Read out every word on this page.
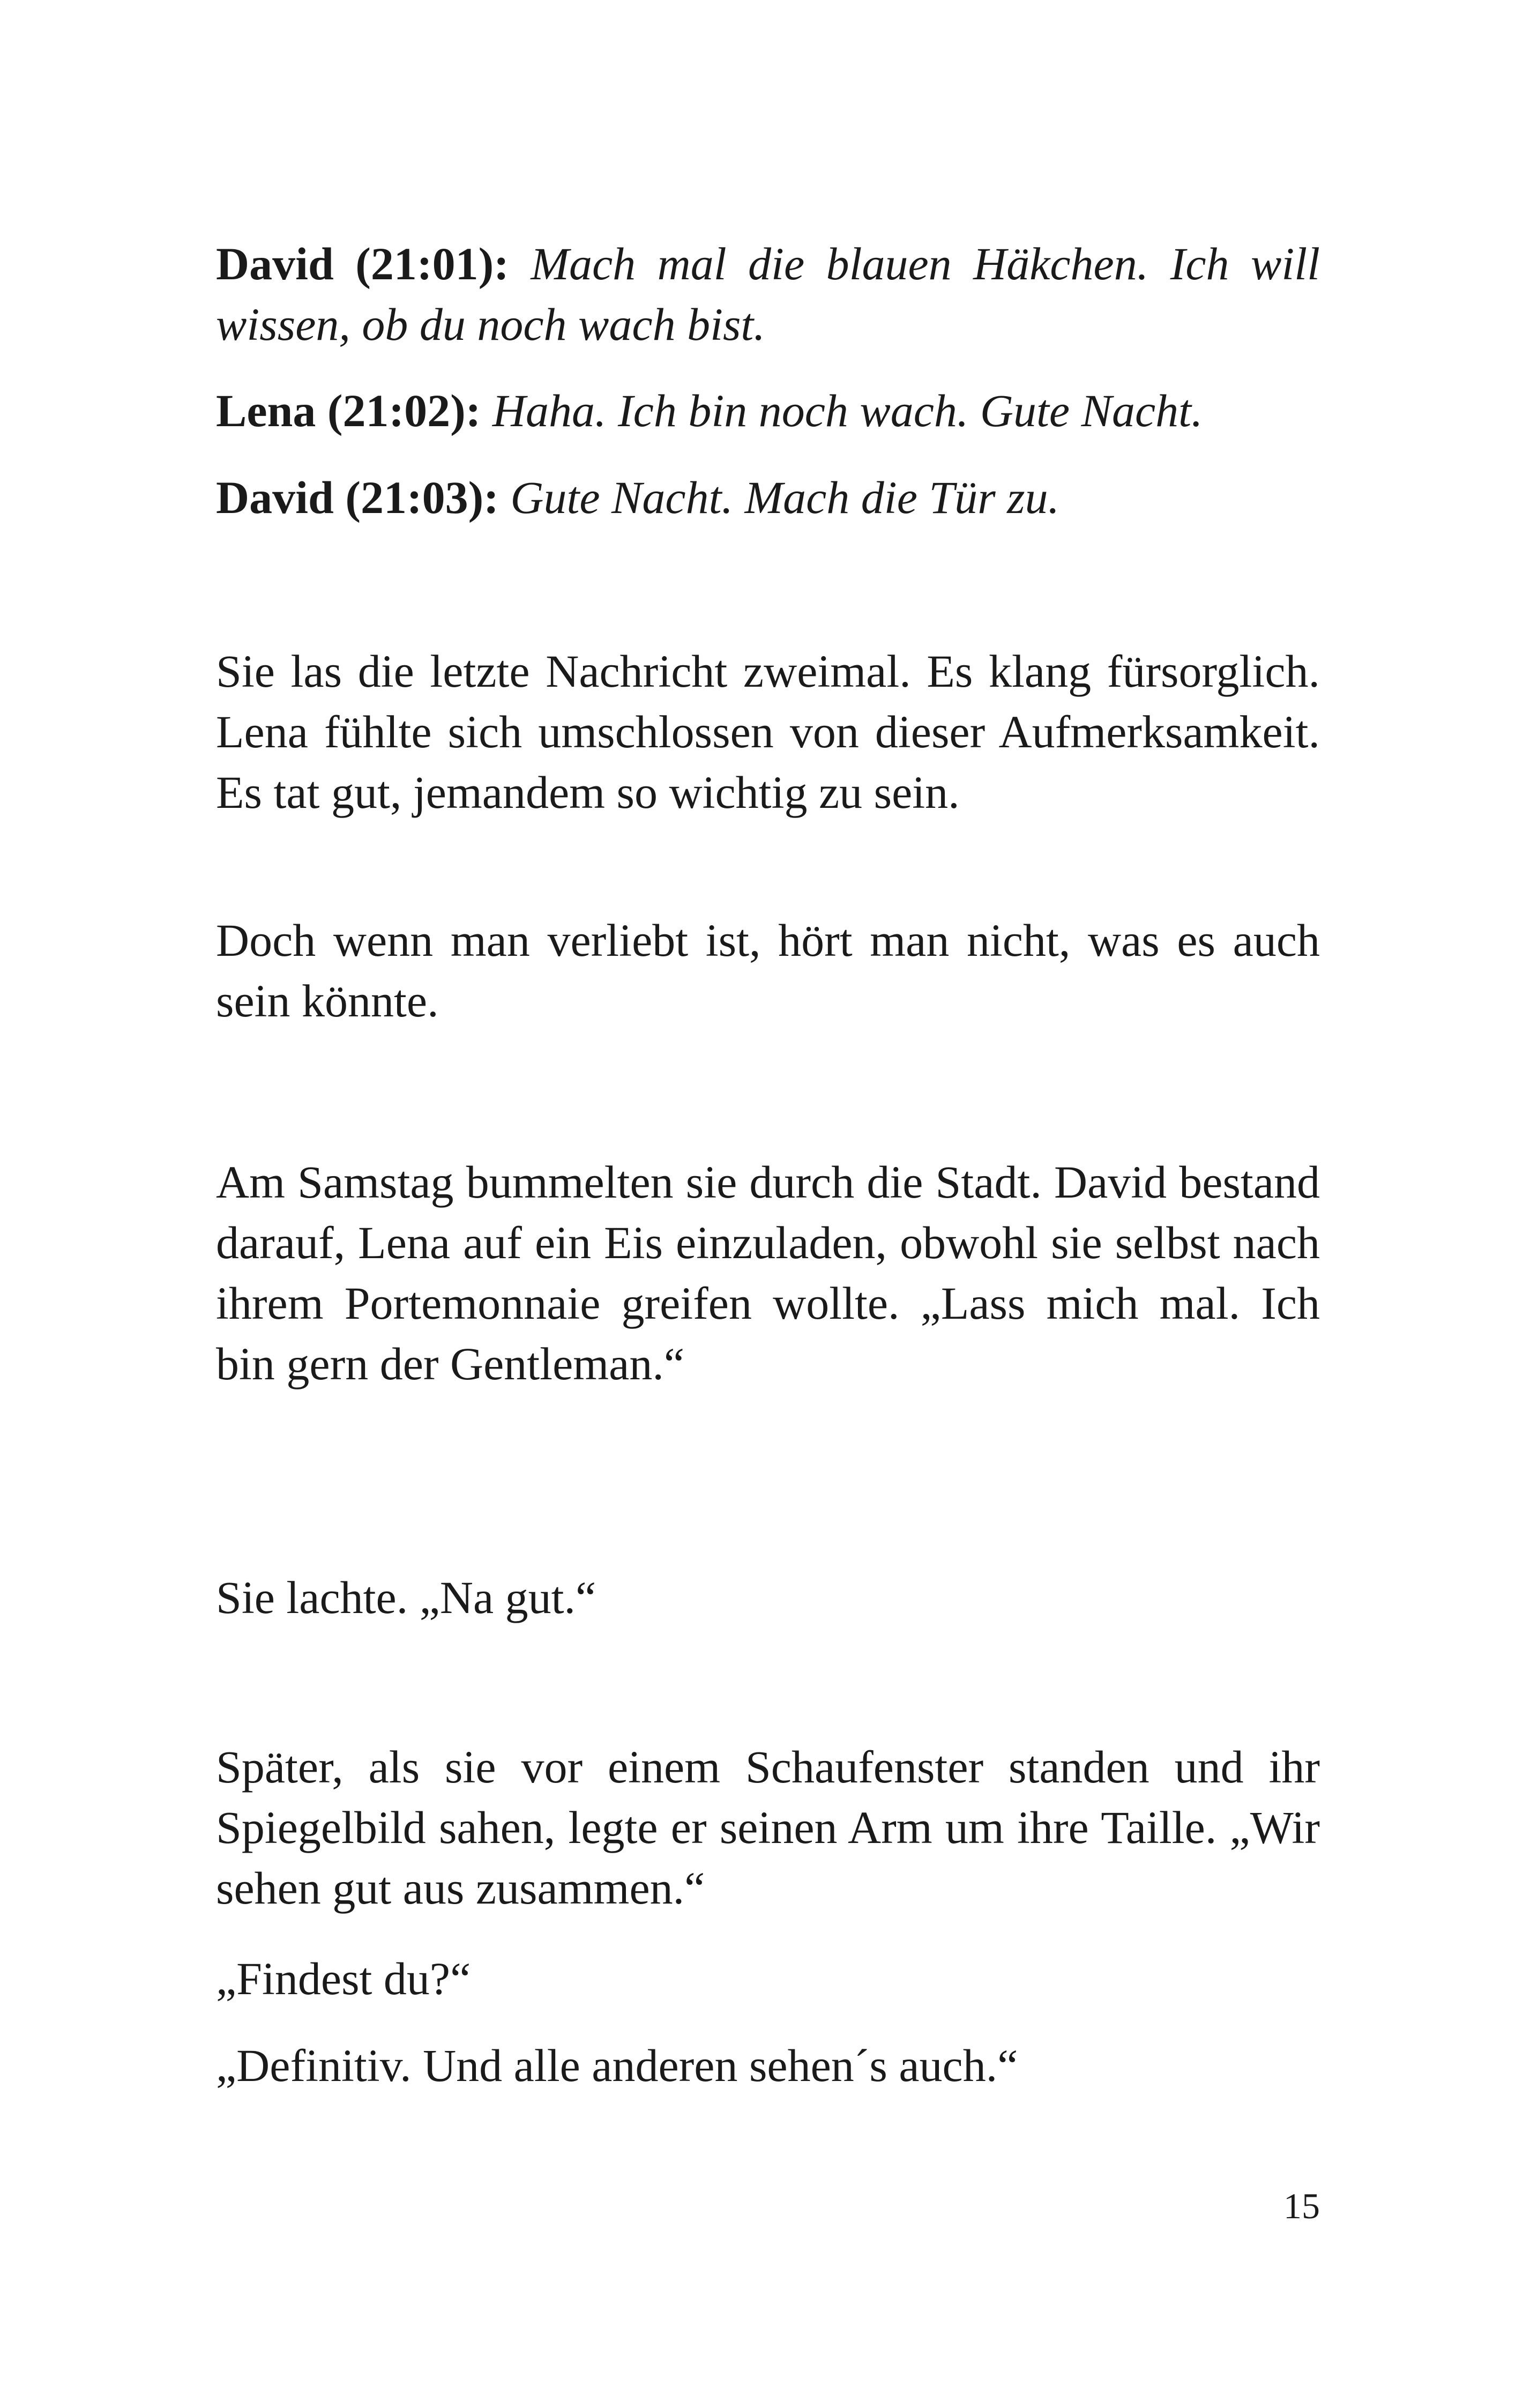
David (21:01): Mach mal die blauen Häkchen. Ich will wissen, ob du noch wach bist.

Lena (21:02): Haha. Ich bin noch wach. Gute Nacht.

David (21:03): Gute Nacht. Mach die Tür zu.

Sie las die letzte Nachricht zweimal. Es klang fürsorglich. Lena fühlte sich umschlossen von dieser Aufmerksamkeit. Es tat gut, jemandem so wichtig zu sein.

Doch wenn man verliebt ist, hört man nicht, was es auch sein könnte.

Am Samstag bummelten sie durch die Stadt. David bestand darauf, Lena auf ein Eis einzuladen, obwohl sie selbst nach ihrem Portemonnaie greifen wollte. „Lass mich mal. Ich bin gern der Gentleman.“

Sie lachte. „Na gut.“

Später, als sie vor einem Schaufenster standen und ihr Spiegelbild sahen, legte er seinen Arm um ihre Taille. „Wir sehen gut aus zusammen.“

„Findest du?“

„Definitiv. Und alle anderen sehen´s auch.“

15
